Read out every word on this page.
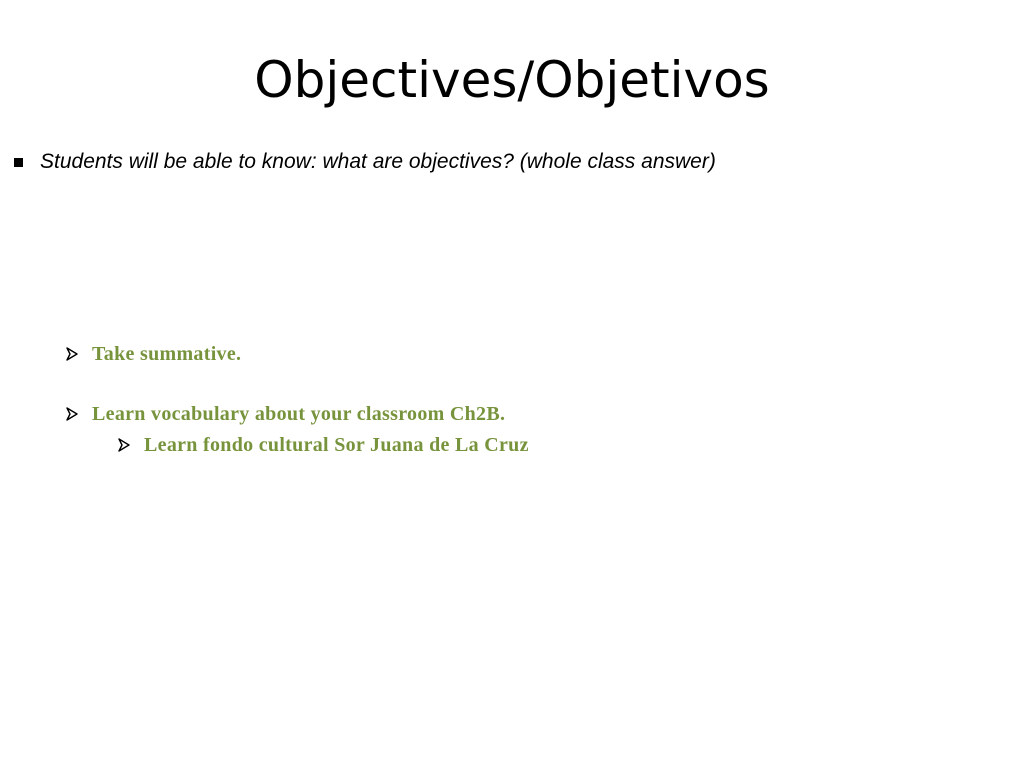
Objectives/Objetivos
Students will be able to know: what are objectives? (whole class answer)
Take summative.
Learn vocabulary about your classroom Ch2B.
Learn fondo cultural Sor Juana de La Cruz
